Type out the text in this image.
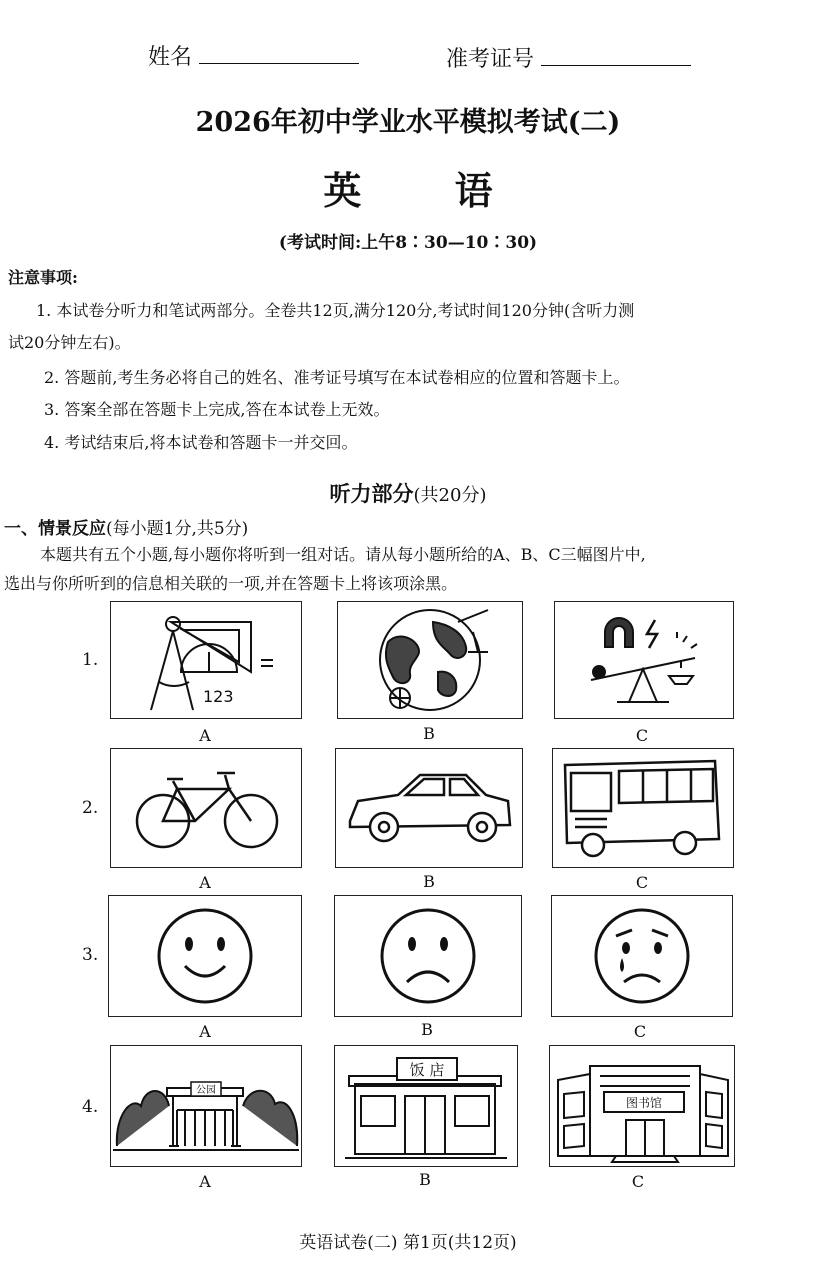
姓名	准考证号
2026年初中学业水平模拟考试(二)
英 语
(考试时间:上午8∶30—10∶30)
注意事项:
1. 本试卷分听力和笔试两部分。全卷共12页,满分120分,考试时间120分钟(含听力测
试20分钟左右)。
2. 答题前,考生务必将自己的姓名、准考证号填写在本试卷相应的位置和答题卡上。
3. 答案全部在答题卡上完成,答在本试卷上无效。
4. 考试结束后,将本试卷和答题卡一并交回。
听力部分(共20分)
一、情景反应(每小题1分,共5分)
本题共有五个小题,每小题你将听到一组对话。请从每小题所给的A、B、C三幅图片中,
选出与你所听到的信息相关联的一项,并在答题卡上将该项涂黑。
1.
2.
3.
4.
123
A	B	C
A	B	C
A	B	C
公园
饭 店
图书馆
A	B	C
英语试卷(二) 第1页(共12页)
